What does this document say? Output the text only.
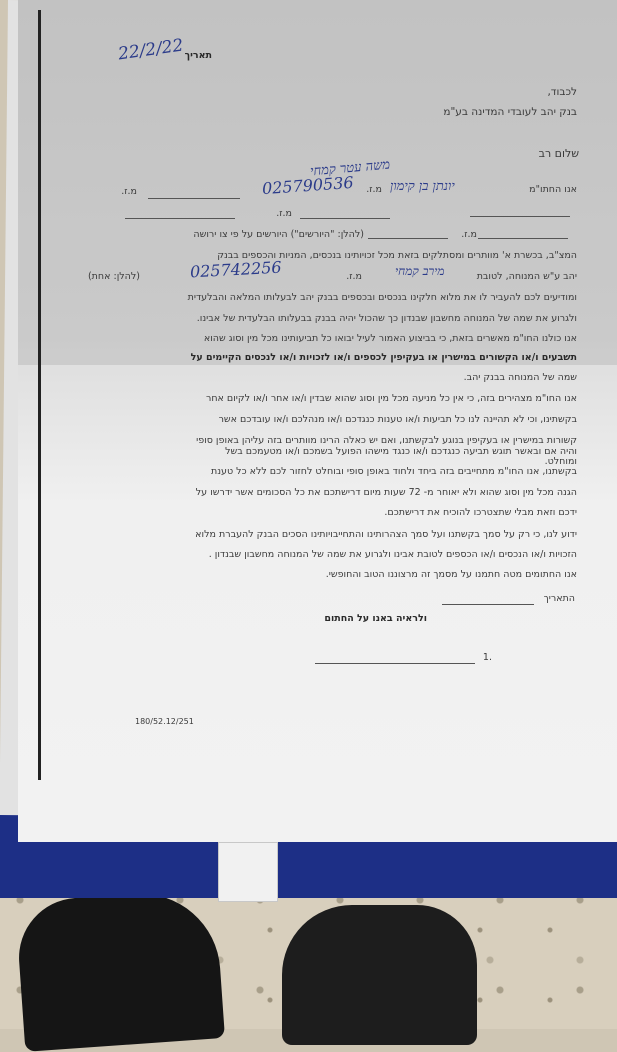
תאריך
22/2/22
לכבוד,
בנק יהב לעובדי המדינה בע"מ
שלום רב
משה עטר קמחי
אנו החתו"מ
יונתן בן קימון
מ.ז.
025790536
מ.ז.
מ.ז.
מ.ז.
(להלן: "היורשים") היורשים על פי צו ירושה
המצ"ב, בכשרת א' מוותרים ומסתלקים בזאת מכל זכויותינו בנכסים, המניות והכספים בבנק
יהב ע"ש המנוחה, לטובת
מירב קמחי
מ.ז.
025742256
(להלן: אחת)
ומודיעים לכם להעביר לו את מלוא חלקינו בנכסים ובכספים בבנק יהב לבעלותו המלאה והבלעדית
ולגרוע את שמה של המנוחה מחשבון שבנדון כך שהכול יהיה בבנק בבעלותו הבלעדית של אבינו.
אנו כולנו החו"מ מאשרים בזאת, כי בביצוע האמור לעיל יבואו כל תביעותינו מכל מין וסוג שהוא
תשבעים ו/או הקשורים במישרין או בעקיפין לכספים ו/או לזכויות ו/או לנכסים הקיימים על
שמה של המנוחה בבנק יהב.
אנו החו"מ מצהירים בזה, כי אין כל מניעה מכל מין וסוג שהוא שבדין ו/או אחר ו/או לקיום אחר
בקשתינו, וכי לא תהיינה לנו כל תביעות ו/או טענות כנגדכם ו/או מנהלכם ו/או עובדכם אשר
קשורות במישרין או בעקיפין בנוגע לבקשתנו, ואם יש כאלה הרינו מוותרים בזה עליהן באופן סופי
ומוחלט.
והיה אם ובאשר תוגש תביעה כנגדכם ו/או כנגד מישהו הפועל בשמכם ו/או מטעמכם בשל
בקשתנו, אנו החו"מ מתחייבים בזה ביחד ולחוד באופן סופי ובוחלט לחזור לכם ללא כל טענת
הגנה מכל מין וסוג שהוא ולא יאוחר מ- 72 שעות מיום דרישתכם את כל הסכומים אשר ידרשו על
ידכם וזאת מבלי שתצטרכו להוכיח את דרישתכם.
ידוע לנו, כי רק על סמך בקשתנו ועל סמך הצהרותינו והתחייבויותינו הסכים הבנק להעברת מלוא
הזכויות ו/או הנכסים ו/או הכספים לטובת אבינו ולגרוע את שמה של המנוחה מחשבון שבנדון .
אנו החתומים מטה חתמנו על מסמך זה מרצוננו הטוב והחופשי.
התאריך
ולראיה באנו על החתום
.1
180/52.12/251
